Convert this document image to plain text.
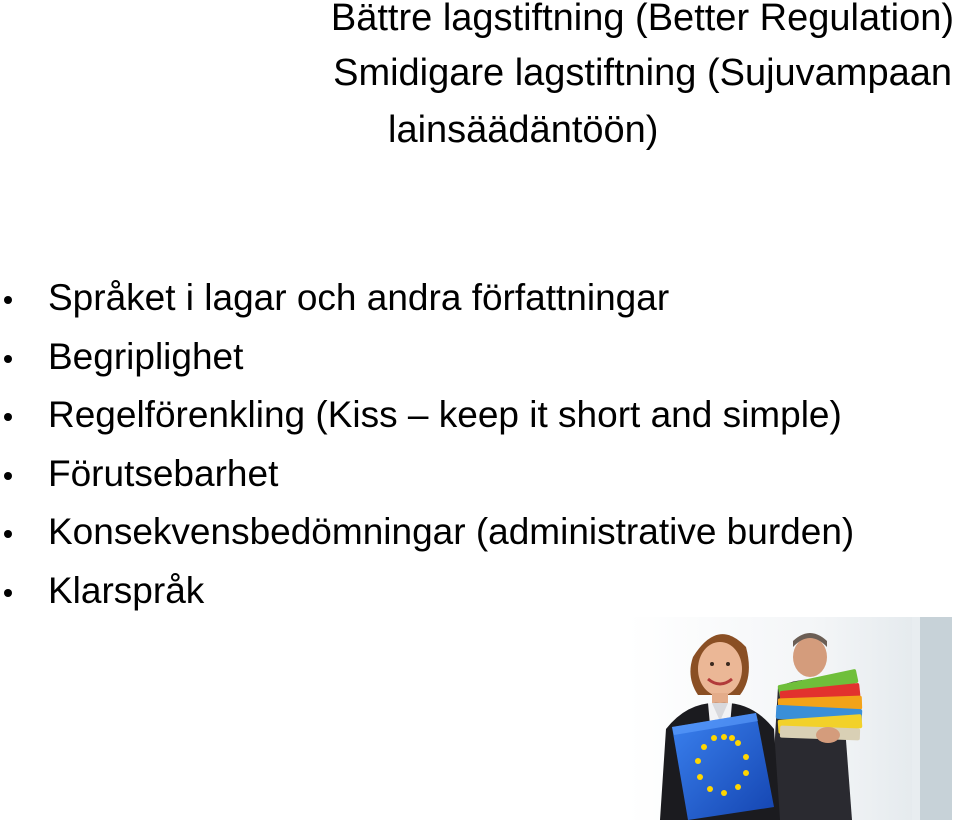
Bättre lagstiftning (Better Regulation)
Smidigare lagstiftning (Sujuvampaan
lainsäädäntöön)
Språket i lagar och andra författningar
Begriplighet
Regelförenkling (Kiss – keep it short and simple)
Förutsebarhet
Konsekvensbedömningar (administrative burden)
Klarspråk
